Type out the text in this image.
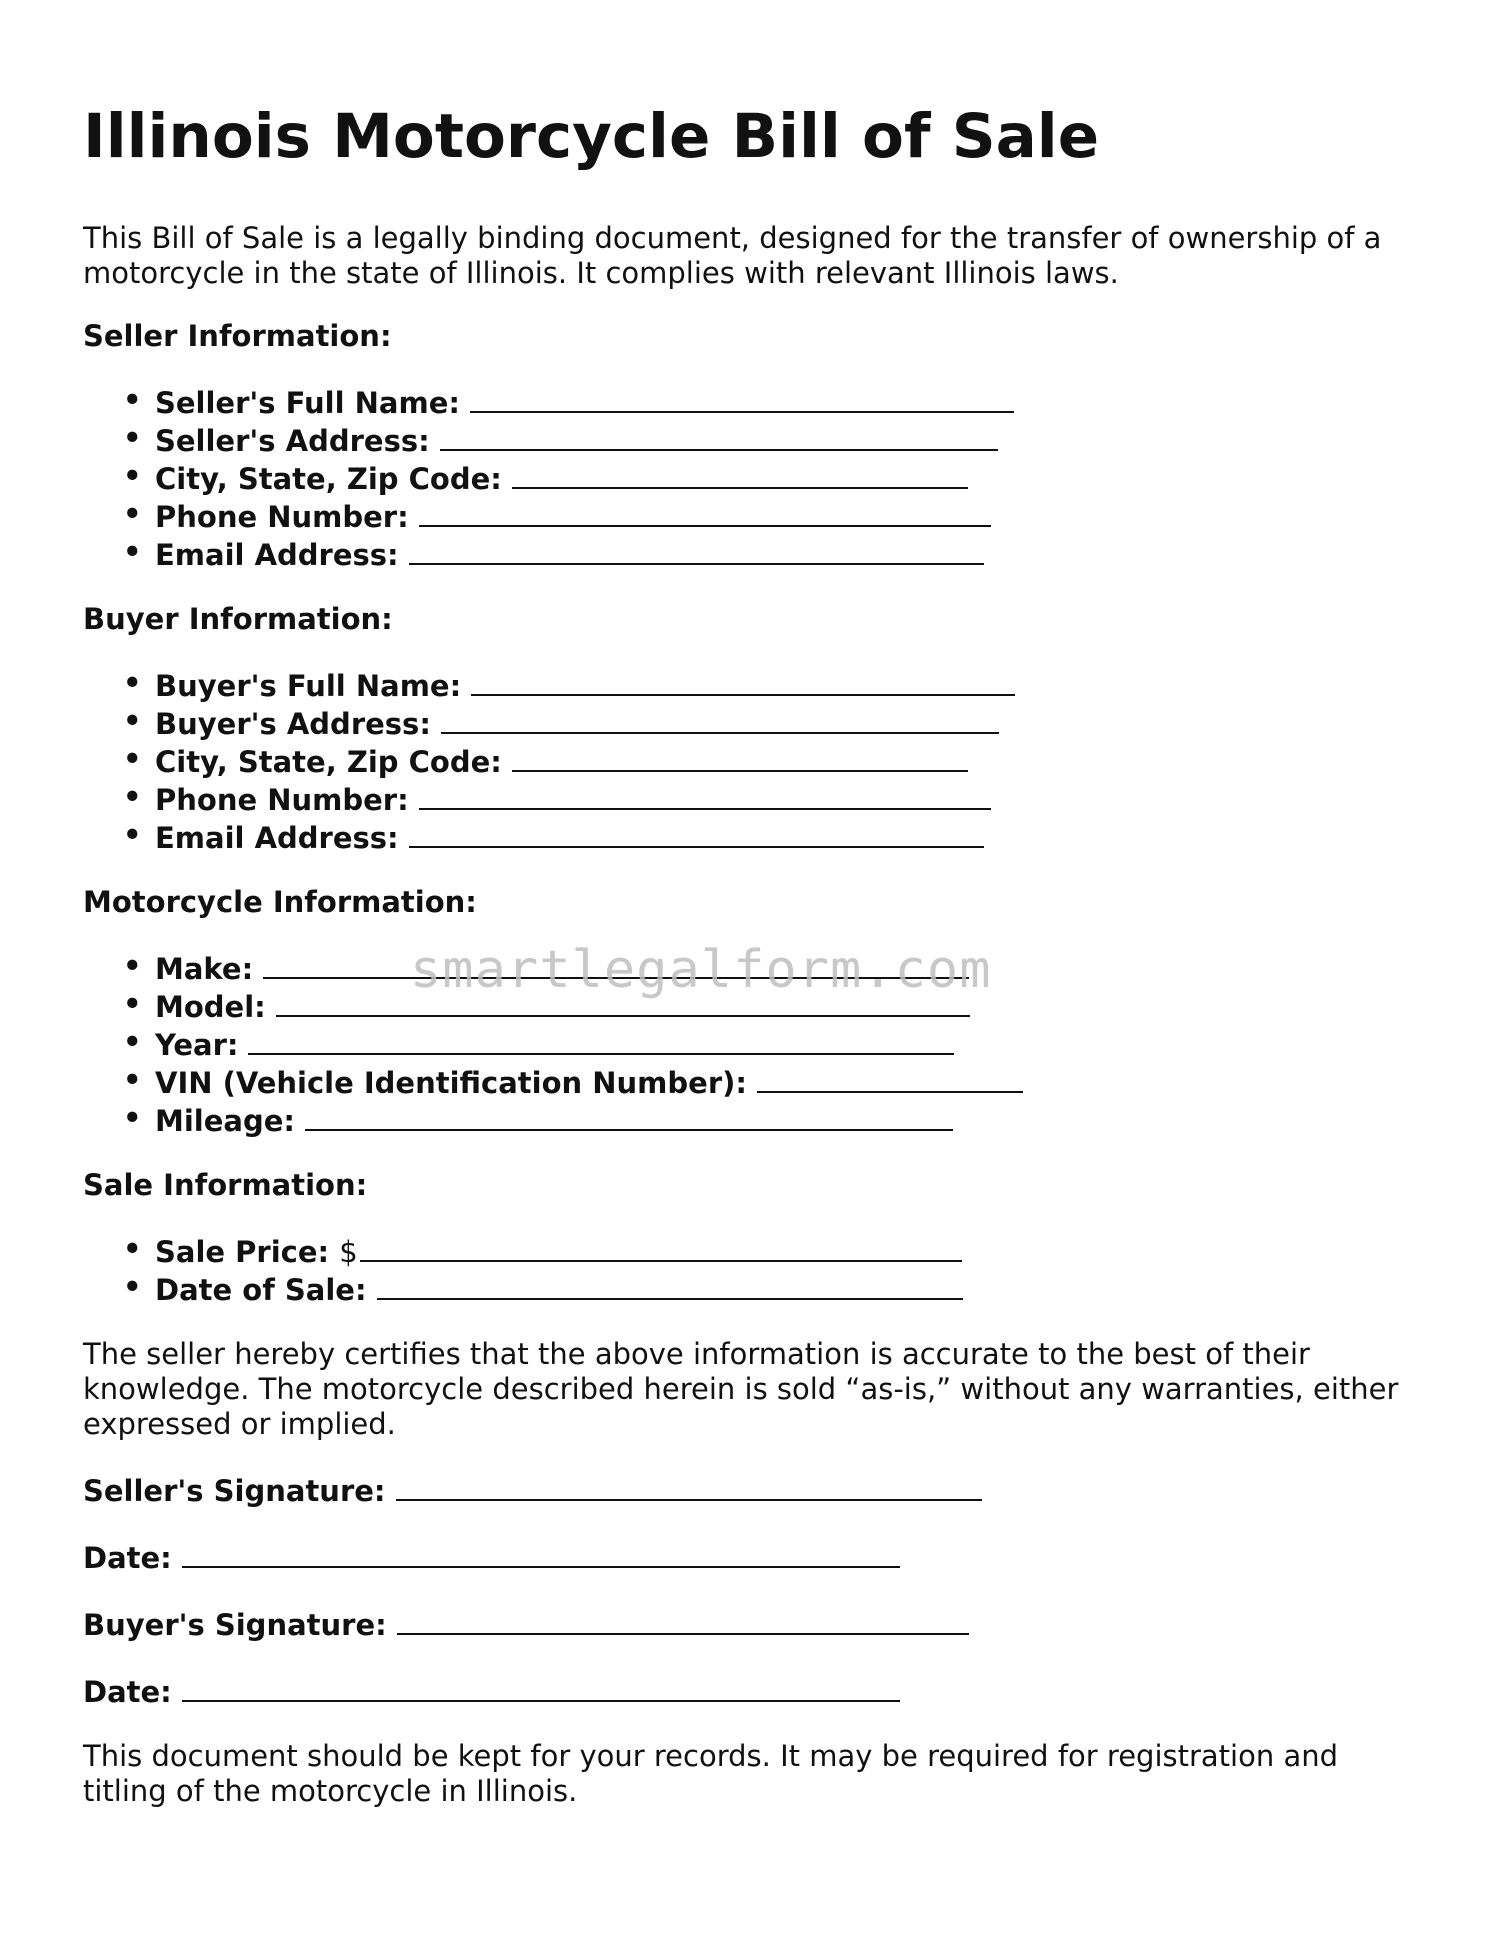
Illinois Motorcycle Bill of Sale

This Bill of Sale is a legally binding document, designed for the transfer of ownership of a motorcycle in the state of Illinois. It complies with relevant Illinois laws.

Seller Information:
• Seller's Full Name:
• Seller's Address:
• City, State, Zip Code:
• Phone Number:
• Email Address:
Buyer Information:
• Buyer's Full Name:
• Buyer's Address:
• City, State, Zip Code:
• Phone Number:
• Email Address:
Motorcycle Information:
• Make:
• Model:
• Year:
• VIN (Vehicle Identification Number):
• Mileage:
Sale Information:
• Sale Price: $
• Date of Sale:

The seller hereby certifies that the above information is accurate to the best of their knowledge. The motorcycle described herein is sold “as-is,” without any warranties, either expressed or implied.

Seller's Signature:
Date:
Buyer's Signature:
Date:

This document should be kept for your records. It may be required for registration and titling of the motorcycle in Illinois.

smartlegalform.com
